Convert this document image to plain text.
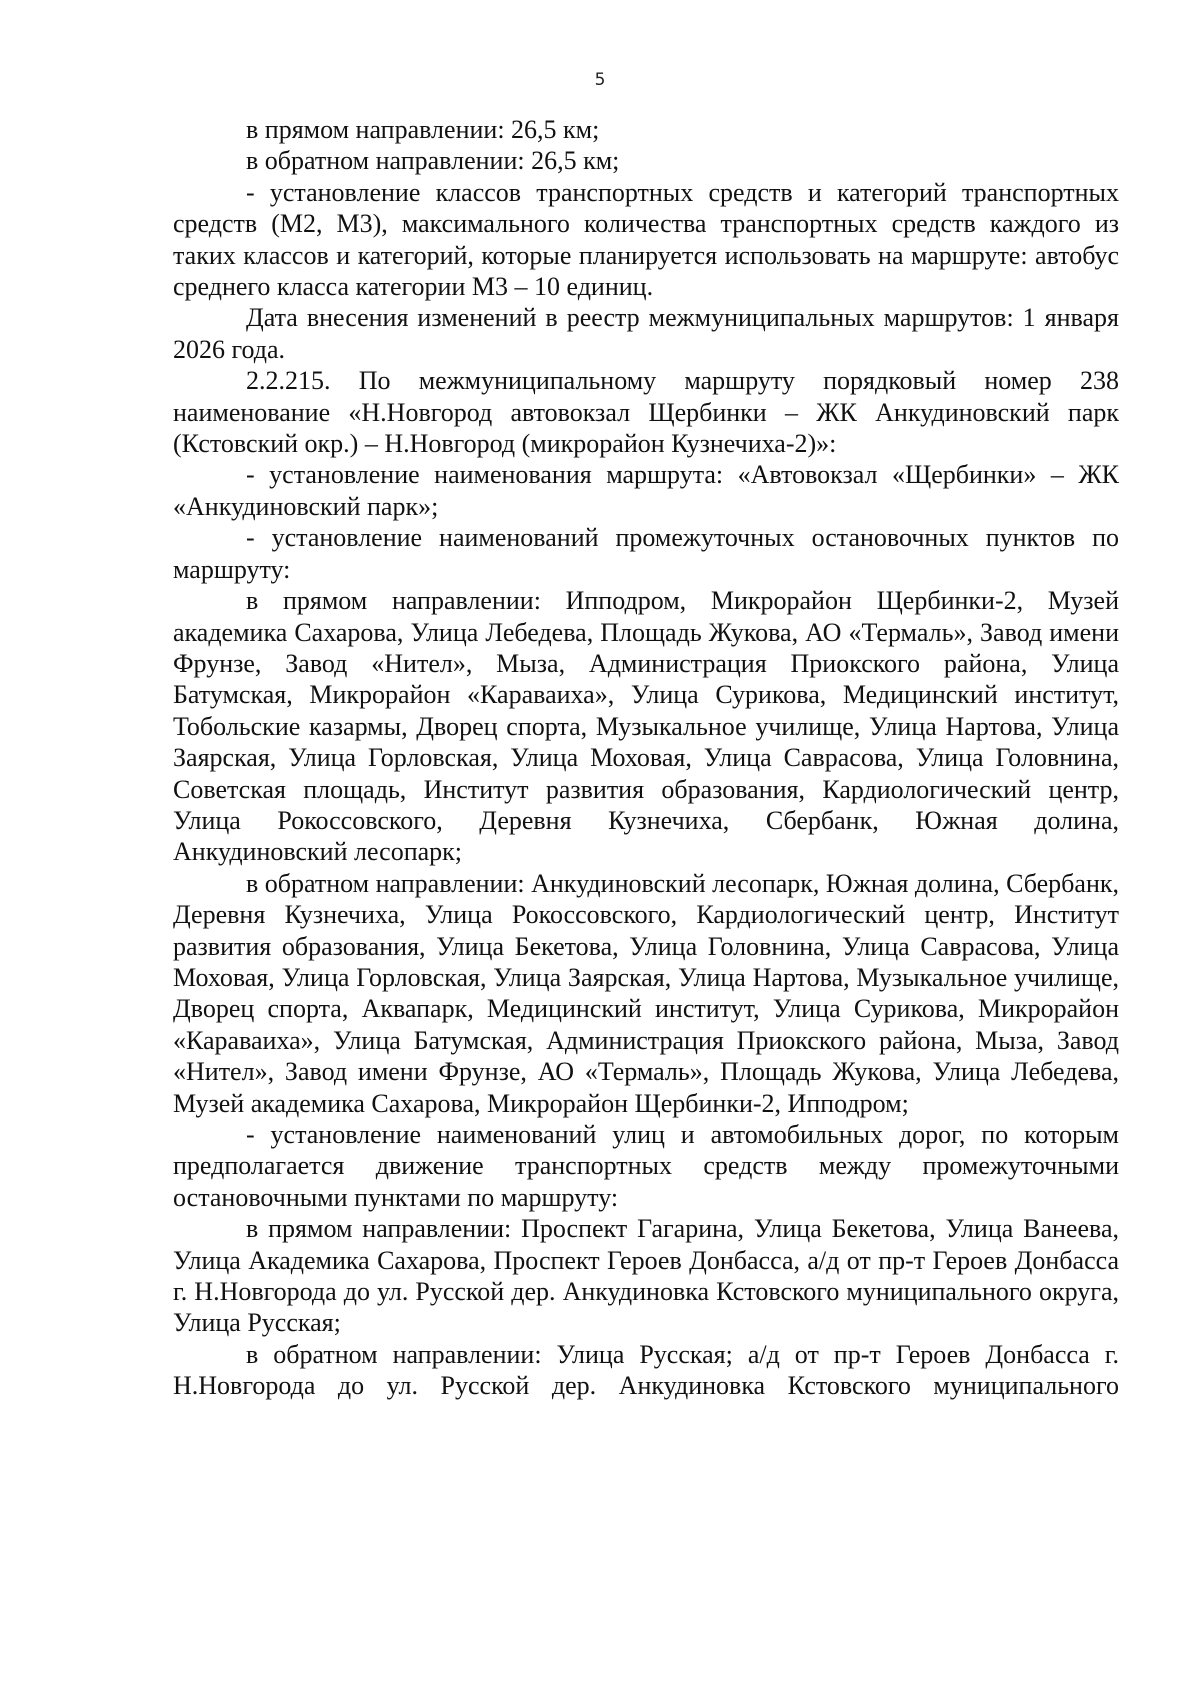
5

в прямом направлении: 26,5 км;

в обратном направлении: 26,5 км;

- установление классов транспортных средств и категорий транспортных средств (М2, М3), максимального количества транспортных средств каждого из таких классов и категорий, которые планируется использовать на маршруте: автобус среднего класса категории М3 – 10 единиц.

Дата внесения изменений в реестр межмуниципальных маршрутов: 1 января 2026 года.

2.2.215. По межмуниципальному маршруту порядковый номер 238 наименование «Н.Новгород автовокзал Щербинки – ЖК Анкудиновский парк (Кстовский окр.) – Н.Новгород (микрорайон Кузнечиха-2)»:

- установление наименования маршрута: «Автовокзал «Щербинки» – ЖК «Анкудиновский парк»;

- установление наименований промежуточных остановочных пунктов по маршруту:

в прямом направлении: Ипподром, Микрорайон Щербинки-2, Музей академика Сахарова, Улица Лебедева, Площадь Жукова, АО «Термаль», Завод имени Фрунзе, Завод «Нител», Мыза, Администрация Приокского района, Улица Батумская, Микрорайон «Караваиха», Улица Сурикова, Медицинский институт, Тобольские казармы, Дворец спорта, Музыкальное училище, Улица Нартова, Улица Заярская, Улица Горловская, Улица Моховая, Улица Саврасова, Улица Головнина, Советская площадь, Институт развития образования, Кардиологический центр, Улица Рокоссовского, Деревня Кузнечиха, Сбербанк, Южная долина, Анкудиновский лесопарк;

в обратном направлении: Анкудиновский лесопарк, Южная долина, Сбербанк, Деревня Кузнечиха, Улица Рокоссовского, Кардиологический центр, Институт развития образования, Улица Бекетова, Улица Головнина, Улица Саврасова, Улица Моховая, Улица Горловская, Улица Заярская, Улица Нартова, Музыкальное училище, Дворец спорта, Аквапарк, Медицинский институт, Улица Сурикова, Микрорайон «Караваиха», Улица Батумская, Администрация Приокского района, Мыза, Завод «Нител», Завод имени Фрунзе, АО «Термаль», Площадь Жукова, Улица Лебедева, Музей академика Сахарова, Микрорайон Щербинки-2, Ипподром;

- установление наименований улиц и автомобильных дорог, по которым предполагается движение транспортных средств между промежуточными остановочными пунктами по маршруту:

в прямом направлении: Проспект Гагарина, Улица Бекетова, Улица Ванеева, Улица Академика Сахарова, Проспект Героев Донбасса, а/д от пр-т Героев Донбасса г. Н.Новгорода до ул. Русской дер. Анкудиновка Кстовского муниципального округа, Улица Русская;

в обратном направлении: Улица Русская; а/д от пр-т Героев Донбасса г. Н.Новгорода до ул. Русской дер. Анкудиновка Кстовского муниципального
